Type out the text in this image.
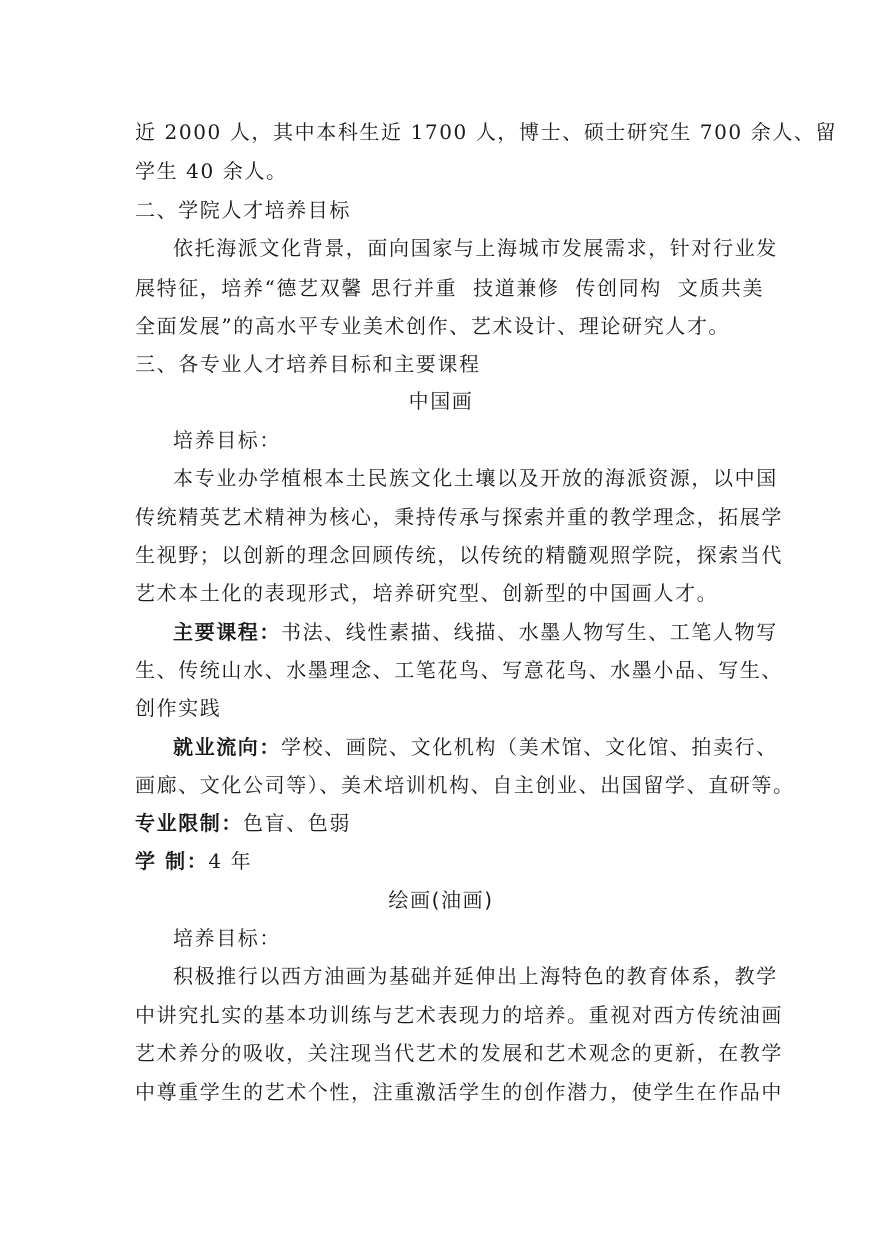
近 2000 人，其中本科生近 1700 人，博士、硕士研究生 700 余人、留
学生 40 余人。
二、学院人才培养目标
依托海派文化背景，面向国家与上海城市发展需求，针对行业发
展特征，培养“德艺双馨 思行并重  技道兼修  传创同构  文质共美
全面发展”的高水平专业美术创作、艺术设计、理论研究人才。
三、各专业人才培养目标和主要课程
中国画
培养目标：
本专业办学植根本土民族文化土壤以及开放的海派资源，以中国
传统精英艺术精神为核心，秉持传承与探索并重的教学理念，拓展学
生视野；以创新的理念回顾传统，以传统的精髓观照学院，探索当代
艺术本土化的表现形式，培养研究型、创新型的中国画人才。
主要课程： 书法、线性素描、线描、水墨人物写生、工笔人物写
生、传统山水、水墨理念、工笔花鸟、写意花鸟、水墨小品、写生、
创作实践
就业流向： 学校、画院、文化机构（美术馆、文化馆、拍卖行、
画廊、文化公司等）、美术培训机构、自主创业、出国留学、直研等。
专业限制：色盲、色弱
学 制：4 年
绘画(油画)
培养目标：
积极推行以西方油画为基础并延伸出上海特色的教育体系，教学
中讲究扎实的基本功训练与艺术表现力的培养。重视对西方传统油画
艺术养分的吸收，关注现当代艺术的发展和艺术观念的更新，在教学
中尊重学生的艺术个性，注重激活学生的创作潜力，使学生在作品中
